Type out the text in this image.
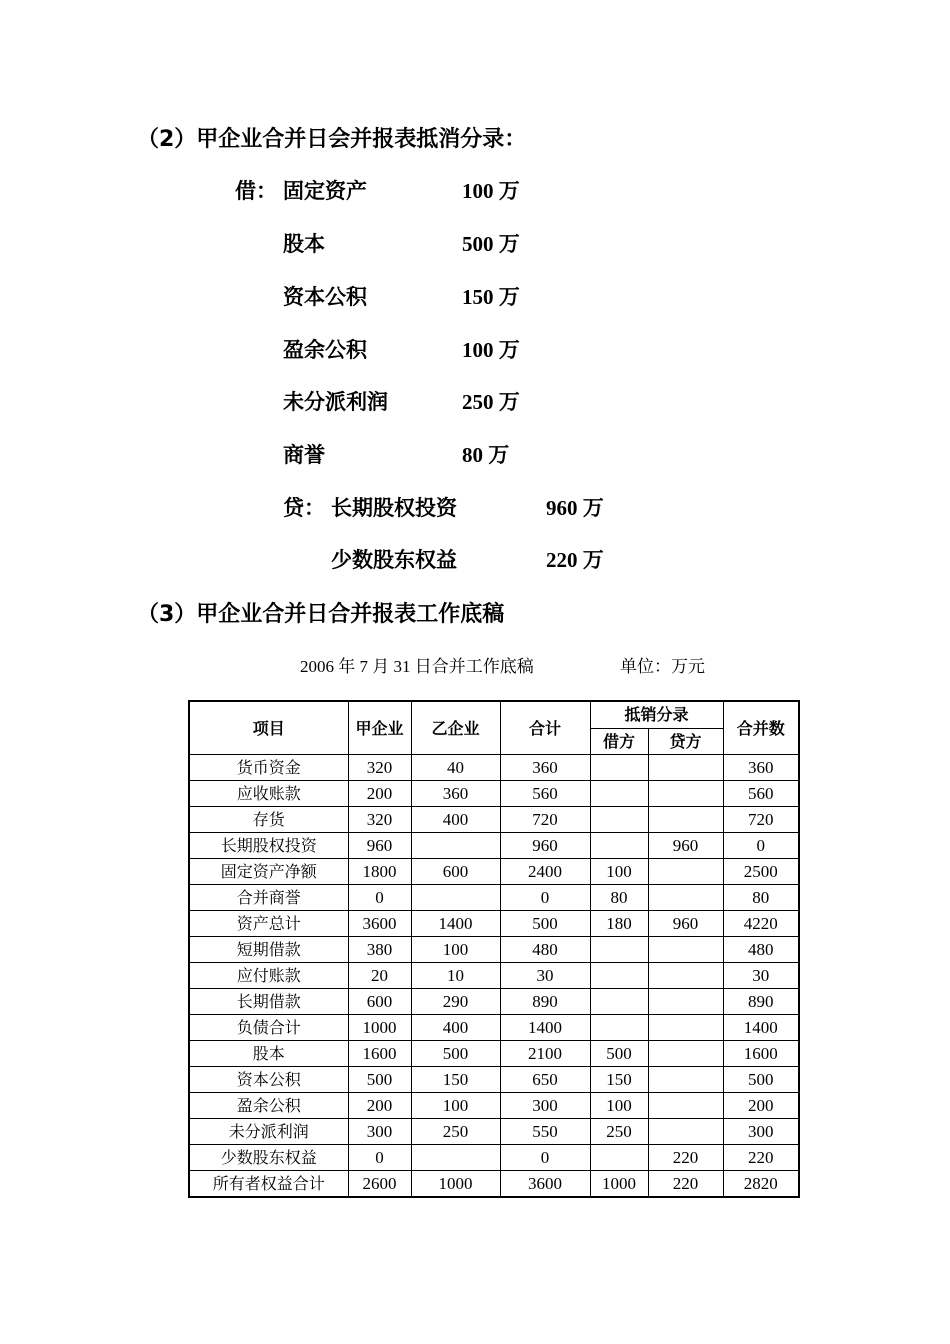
（2）甲企业合并日会并报表抵消分录：
借： 固定资产	100 万
股本	500 万
资本公积	150 万
盈余公积	100 万
未分派利润	250 万
商誉	80 万
贷： 长期股权投资	960 万
少数股东权益	220 万
（3）甲企业合并日合并报表工作底稿
2006 年 7 月 31 日合并工作底稿	单位：万元
项目	甲企业	乙企业	合计	抵销分录		合并数
				借方	贷方	
货币资金	320	40	360			360
应收账款	200	360	560			560
存货	320	400	720			720
长期股权投资	960		960		960	0
固定资产净额	1800	600	2400	100		2500
合并商誉	0		0	80		80
资产总计	3600	1400	500	180	960	4220
短期借款	380	100	480			480
应付账款	20	10	30			30
长期借款	600	290	890			890
负债合计	1000	400	1400			1400
股本	1600	500	2100	500		1600
资本公积	500	150	650	150		500
盈余公积	200	100	300	100		200
未分派利润	300	250	550	250		300
少数股东权益	0		0		220	220
所有者权益合计	2600	1000	3600	1000	220	2820
